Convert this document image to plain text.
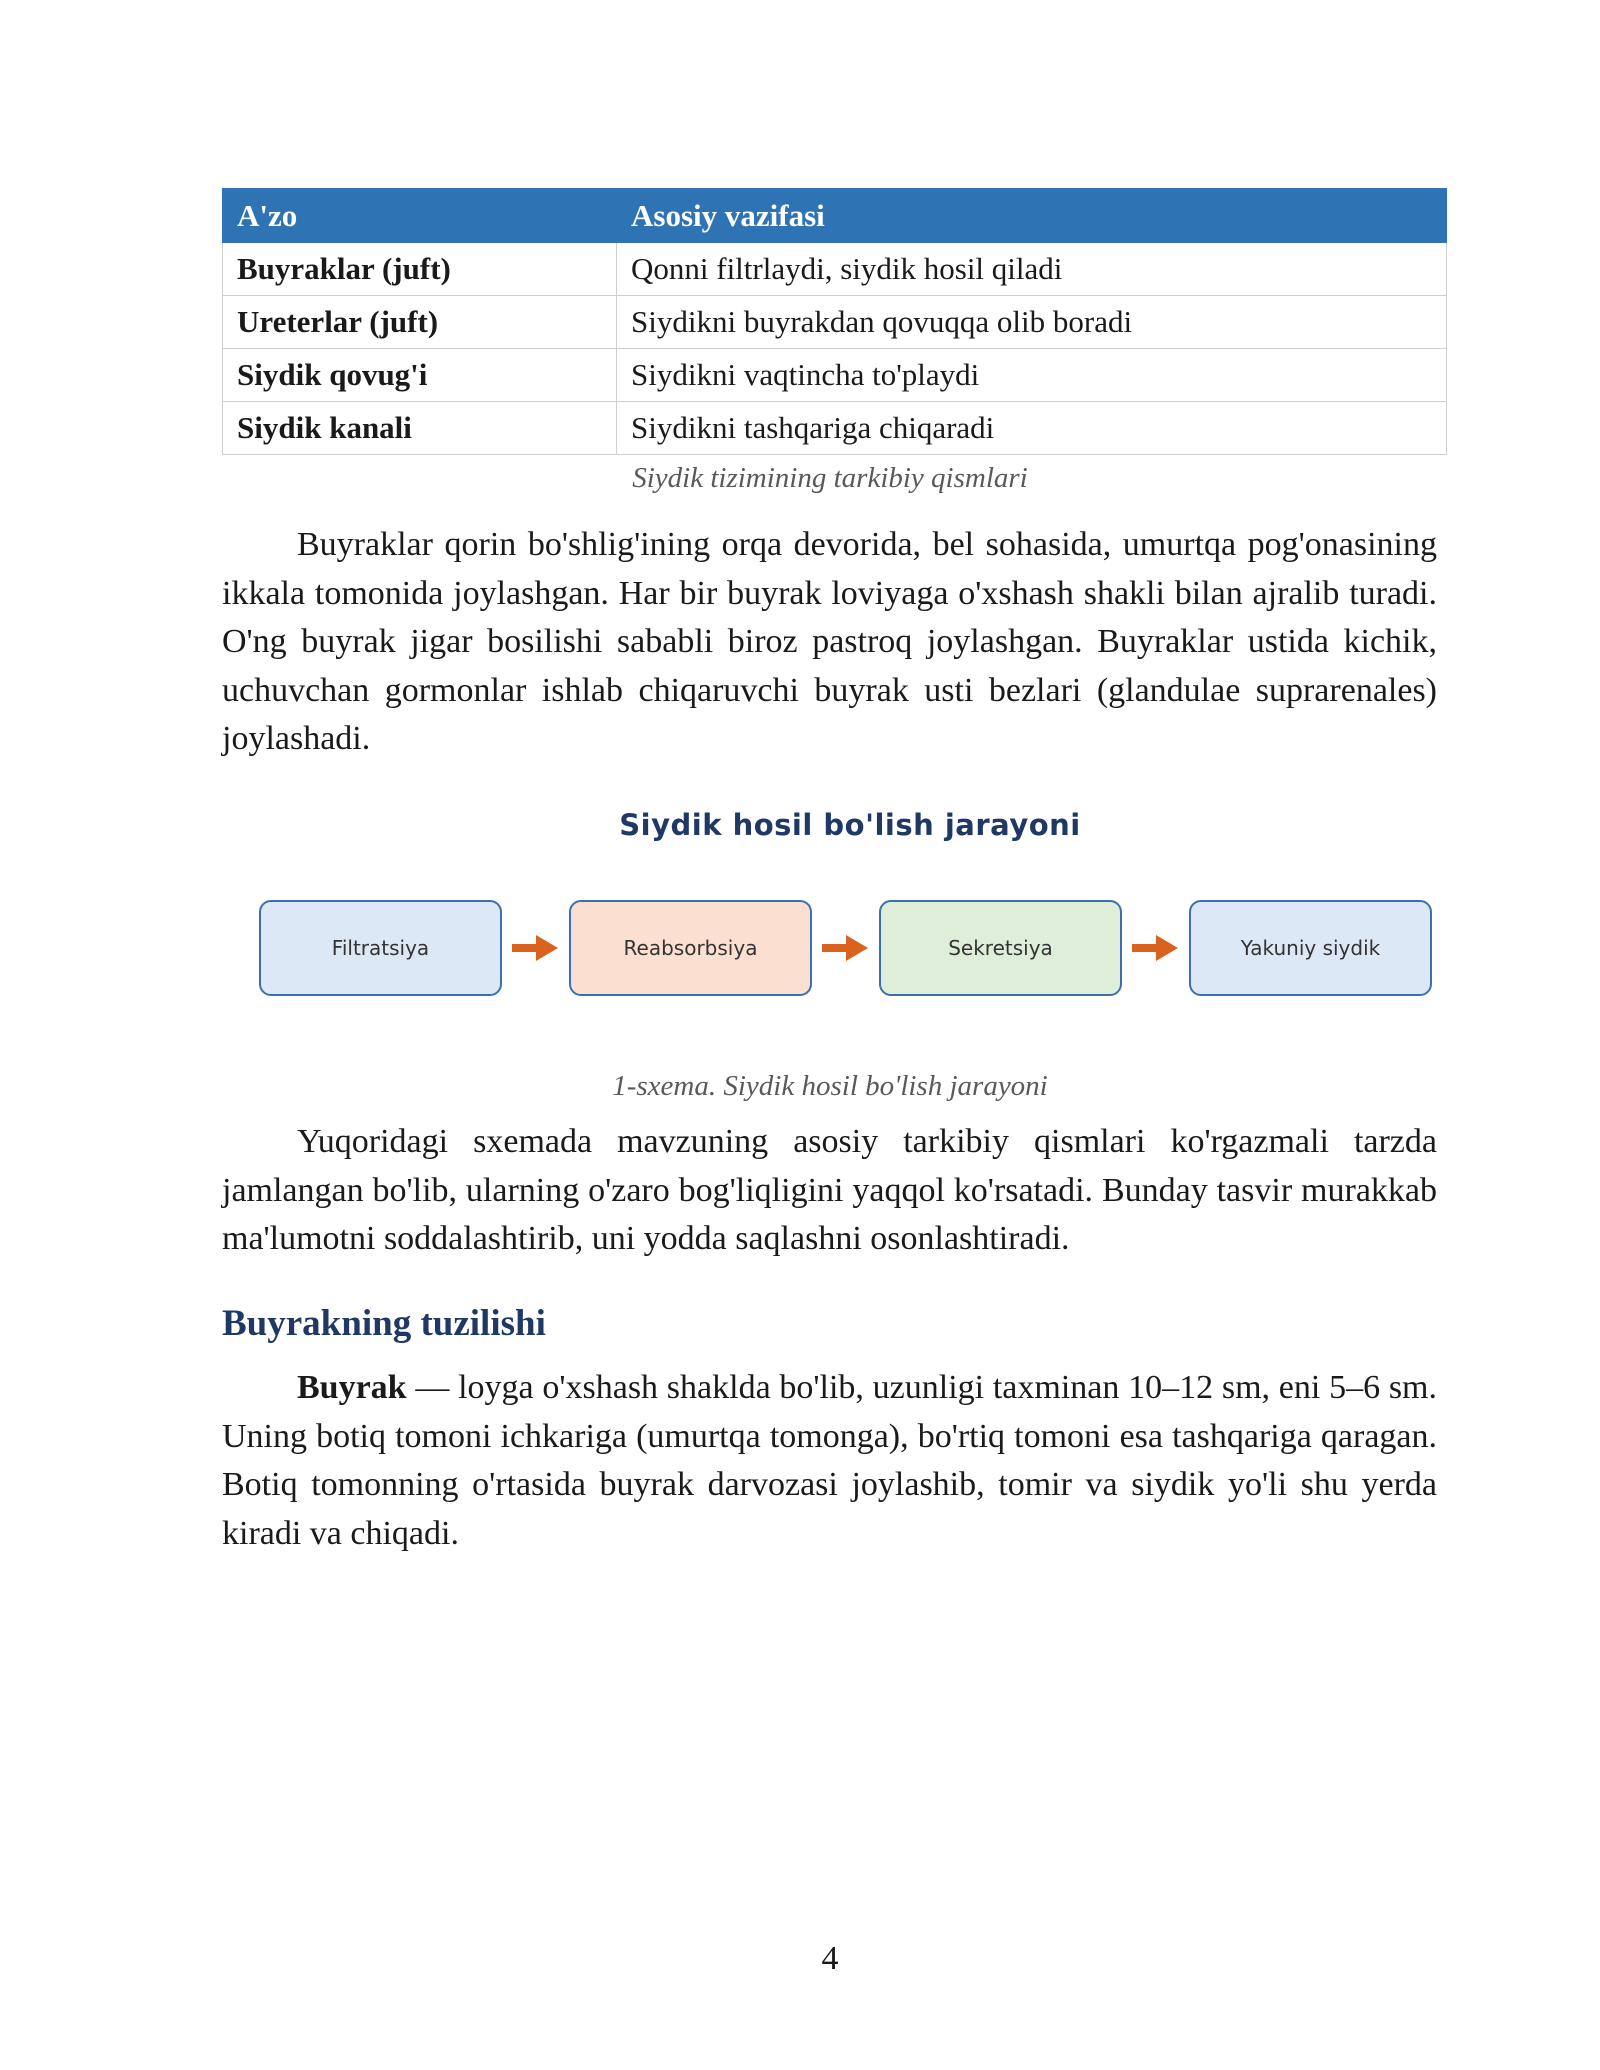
A'zo	Asosiy vazifasi
Buyraklar (juft)	Qonni filtrlaydi, siydik hosil qiladi
Ureterlar (juft)	Siydikni buyrakdan qovuqqa olib boradi
Siydik qovug'i	Siydikni vaqtincha to'playdi
Siydik kanali	Siydikni tashqariga chiqaradi
Siydik tizimining tarkibiy qismlari

Buyraklar qorin bo'shlig'ining orqa devorida, bel sohasida, umurtqa pog'onasining ikkala tomonida joylashgan. Har bir buyrak loviyaga o'xshash shakli bilan ajralib turadi. O'ng buyrak jigar bosilishi sababli biroz pastroq joylashgan. Buyraklar ustida kichik, uchuvchan gormonlar ishlab chiqaruvchi buyrak usti bezlari (glandulae suprarenales) joylashadi.

Siydik hosil bo'lish jarayoni
Filtratsiya	Reabsorbsiya	Sekretsiya	Yakuniy siydik
1-sxema. Siydik hosil bo'lish jarayoni

Yuqoridagi sxemada mavzuning asosiy tarkibiy qismlari ko'rgazmali tarzda jamlangan bo'lib, ularning o'zaro bog'liqligini yaqqol ko'rsatadi. Bunday tasvir murakkab ma'lumotni soddalashtirib, uni yodda saqlashni osonlashtiradi.

Buyrakning tuzilishi

Buyrak — loyga o'xshash shaklda bo'lib, uzunligi taxminan 10–12 sm, eni 5–6 sm. Uning botiq tomoni ichkariga (umurtqa tomonga), bo'rtiq tomoni esa tashqariga qaragan. Botiq tomonning o'rtasida buyrak darvozasi joylashib, tomir va siydik yo'li shu yerda kiradi va chiqadi.

4
